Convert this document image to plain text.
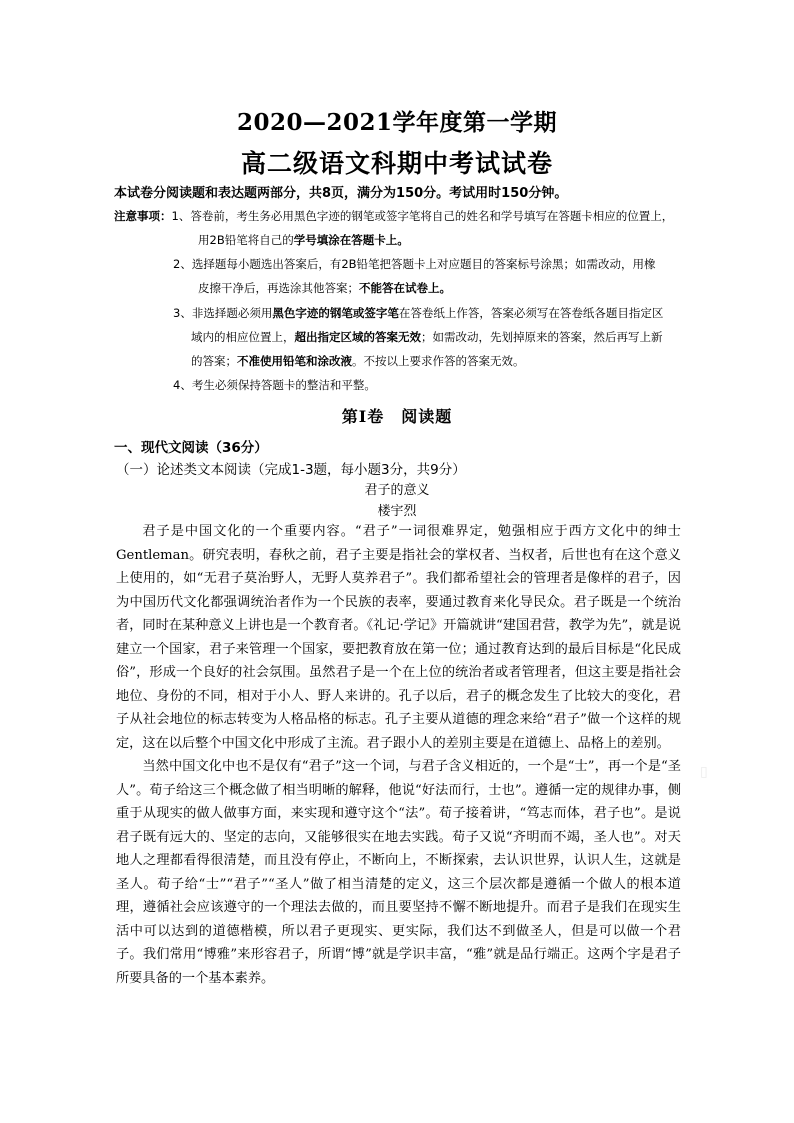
2020—2021学年度第一学期
高二级语文科期中考试试卷
本试卷分阅读题和表达题两部分，共8页，满分为150分。考试用时150分钟。
注意事项：1、答卷前，考生务必用黑色字迹的钢笔或签字笔将自己的姓名和学号填写在答题卡相应的位置上，
用2B铅笔将自己的学号填涂在答题卡上。
2、选择题每小题选出答案后，有2B铅笔把答题卡上对应题目的答案标号涂黑；如需改动，用橡
皮擦干净后，再选涂其他答案；不能答在试卷上。
3、非选择题必须用黑色字迹的钢笔或签字笔在答卷纸上作答，答案必须写在答卷纸各题目指定区
域内的相应位置上，超出指定区域的答案无效；如需改动，先划掉原来的答案，然后再写上新
的答案；不准使用铅笔和涂改液。不按以上要求作答的答案无效。
4、考生必须保持答题卡的整洁和平整。
第Ⅰ卷　阅读题
一、现代文阅读（36分）
（一）论述类文本阅读（完成1-3题，每小题3分，共9分）
君子的意义
楼宇烈

君子是中国文化的一个重要内容。“君子”一词很难界定，勉强相应于西方文化中的绅士Gentleman。研究表明，春秋之前，君子主要是指社会的掌权者、当权者，后世也有在这个意义上使用的，如“无君子莫治野人，无野人莫养君子”。我们都希望社会的管理者是像样的君子，因为中国历代文化都强调统治者作为一个民族的表率，要通过教育来化导民众。君子既是一个统治者，同时在某种意义上讲也是一个教育者。《礼记·学记》开篇就讲“建国君营，教学为先”，就是说建立一个国家，君子来管理一个国家，要把教育放在第一位；通过教育达到的最后目标是“化民成俗”，形成一个良好的社会氛围。虽然君子是一个在上位的统治者或者管理者，但这主要是指社会地位、身份的不同，相对于小人、野人来讲的。孔子以后，君子的概念发生了比较大的变化，君子从社会地位的标志转变为人格品格的标志。孔子主要从道德的理念来给“君子”做一个这样的规定，这在以后整个中国文化中形成了主流。君子跟小人的差别主要是在道德上、品格上的差别。

当然中国文化中也不是仅有“君子”这一个词，与君子含义相近的，一个是“士”，再一个是“圣人”。荀子给这三个概念做了相当明晰的解释，他说“好法而行，士也”。遵循一定的规律办事，侧重于从现实的做人做事方面，来实现和遵守这个“法”。荀子接着讲，“笃志而体，君子也”。是说君子既有远大的、坚定的志向，又能够很实在地去实践。荀子又说“齐明而不竭，圣人也”。对天地人之理都看得很清楚，而且没有停止，不断向上，不断探索，去认识世界，认识人生，这就是圣人。荀子给“士”“君子”“圣人”做了相当清楚的定义，这三个层次都是遵循一个做人的根本道理，遵循社会应该遵守的一个理法去做的，而且要坚持不懈不断地提升。而君子是我们在现实生活中可以达到的道德楷模，所以君子更现实、更实际，我们达不到做圣人，但是可以做一个君子。我们常用“博雅”来形容君子，所谓“博”就是学识丰富，“雅”就是品行端正。这两个字是君子所要具备的一个基本素养。

▯
